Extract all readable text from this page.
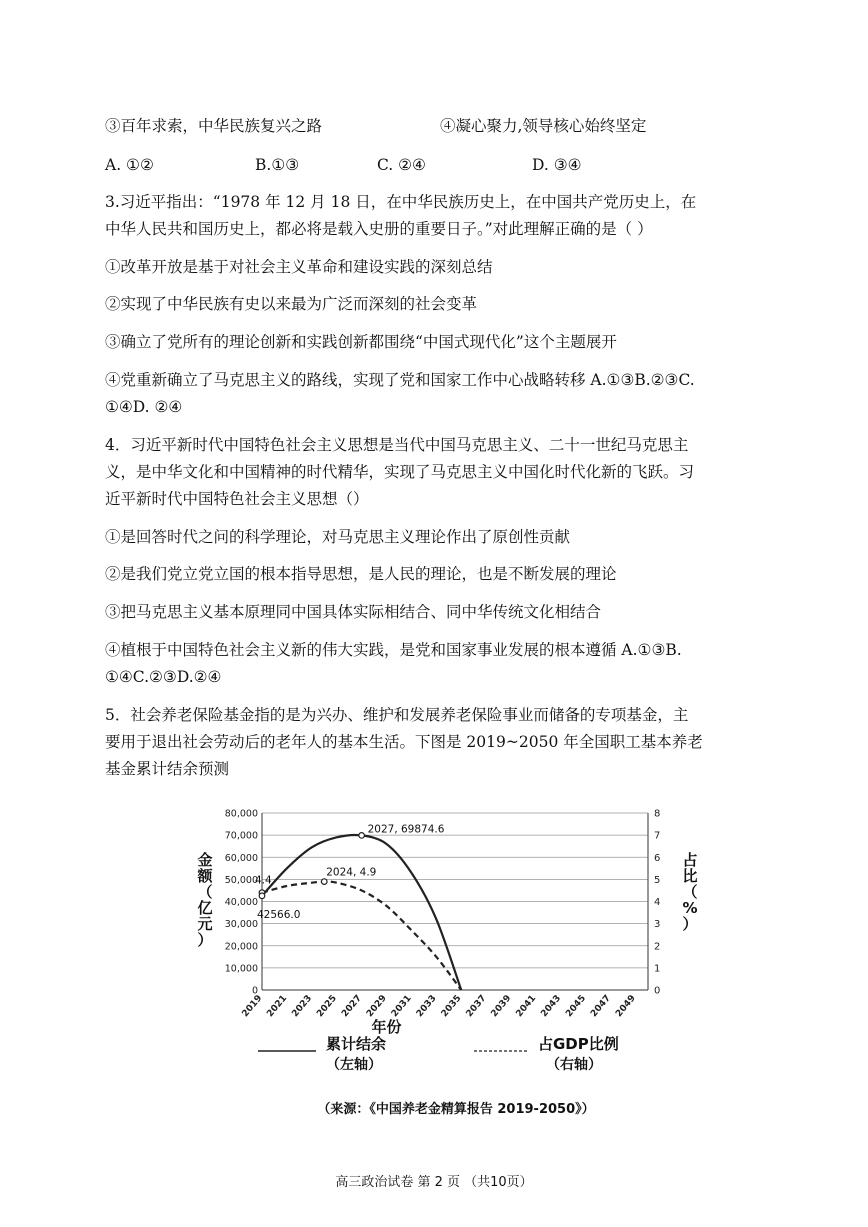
③百年求索，中华民族复兴之路	④凝心聚力,领导核心始终坚定
A. ①②	B.①③	C. ②④	D. ③④
3.习近平指出：“1978 年 12 月 18 日，在中华民族历史上，在中国共产党历史上，在
中华人民共和国历史上，都必将是载入史册的重要日子。”对此理解正确的是（ ）
①改革开放是基于对社会主义革命和建设实践的深刻总结
②实现了中华民族有史以来最为广泛而深刻的社会变革
③确立了党所有的理论创新和实践创新都围绕“中国式现代化”这个主题展开
④党重新确立了马克思主义的路线，实现了党和国家工作中心战略转移 A.①③B.②③C.
①④D. ②④
4．习近平新时代中国特色社会主义思想是当代中国马克思主义、二十一世纪马克思主
义，是中华文化和中国精神的时代精华，实现了马克思主义中国化时代化新的飞跃。习
近平新时代中国特色社会主义思想（）
①是回答时代之问的科学理论，对马克思主义理论作出了原创性贡献
②是我们党立党立国的根本指导思想，是人民的理论，也是不断发展的理论
③把马克思主义基本原理同中国具体实际相结合、同中华传统文化相结合
④植根于中国特色社会主义新的伟大实践，是党和国家事业发展的根本遵循 A.①③B.
①④C.②③D.②④
5．社会养老保险基金指的是为兴办、维护和发展养老保险事业而储备的专项基金，主
要用于退出社会劳动后的老年人的基本生活。下图是 2019~2050 年全国职工基本养老
基金累计结余预测
0
10,000
20,000
30,000
40,000
50,000
60,000
70,000
80,000
0
1
2
3
4
5
6
7
8
2019 2021 2023 2025 2027 2029 2031 2033 2035 2037 2039 2041 2043 2045 2047 2049
2027, 69874.6
2024, 4.9
4.4
42566.0
金
额
（
亿
元
）
占
比
（
%
）
年份
累计结余
（左轴）
占GDP比例
（右轴）
（来源：《中国养老金精算报告 2019-2050》）
高三政治试卷 第 2 页 （共10页）
